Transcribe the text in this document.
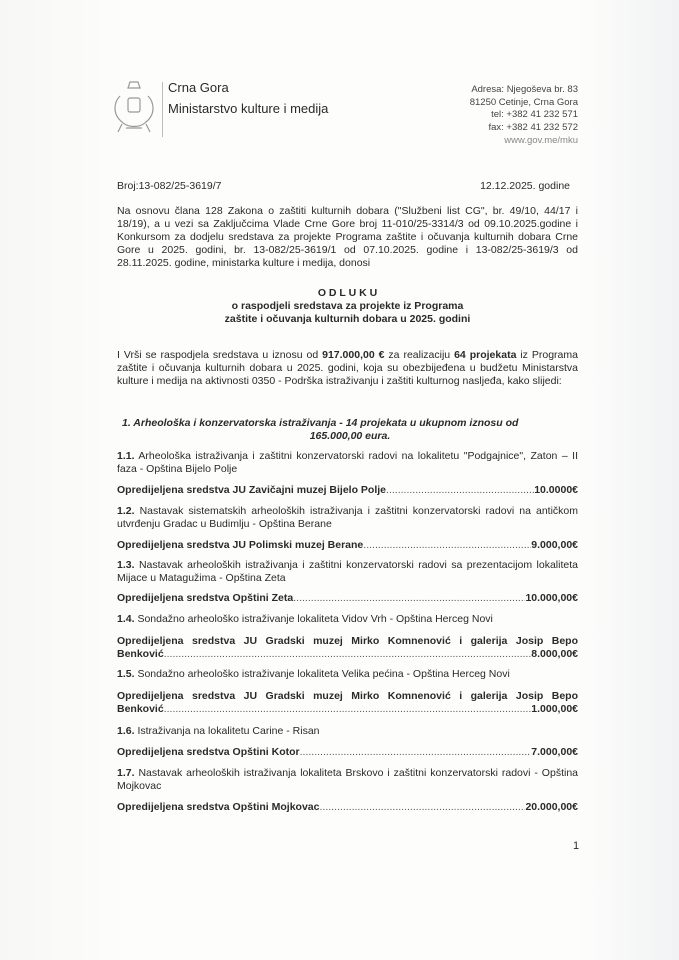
Crna Gora
Ministarstvo kulture i medija
Adresa: Njegoševa br. 83
81250 Cetinje, Crna Gora
tel: +382 41 232 571
fax: +382 41 232 572
www.gov.me/mku
Broj:13-082/25-3619/7	12.12.2025. godine
Na osnovu člana 128 Zakona o zaštiti kulturnih dobara ("Službeni list CG", br. 49/10, 44/17 i 18/19), a u vezi sa Zaključcima Vlade Crne Gore broj 11-010/25-3314/3 od 09.10.2025.godine i Konkursom za dodjelu sredstava za projekte Programa zaštite i očuvanja kulturnih dobara Crne Gore u 2025. godini, br. 13-082/25-3619/1 od 07.10.2025. godine i 13-082/25-3619/3 od 28.11.2025. godine, ministarka kulture i medija, donosi
O D L U K U
o raspodjeli sredstava za projekte iz Programa
zaštite i očuvanja kulturnih dobara u 2025. godini
I Vrši se raspodjela sredstava u iznosu od 917.000,00 € za realizaciju 64 projekata iz Programa zaštite i očuvanja kulturnih dobara u 2025. godini, koja su obezbijeđena u budžetu Ministarstva kulture i medija na aktivnosti 0350 - Podrška istraživanju i zaštiti kulturnog nasljeđa, kako slijedi:
1. Arheološka i konzervatorska istraživanja - 14 projekata u ukupnom iznosu od
165.000,00 eura.
1.1. Arheološka istraživanja i zaštitni konzervatorski radovi na lokalitetu "Podgajnice", Zaton – II faza - Opština Bijelo Polje
Opredijeljena sredstva JU Zavičajni muzej Bijelo Polje .....	10.0000€
1.2. Nastavak sistematskih arheoloških istraživanja i zaštitni konzervatorski radovi na antičkom utvrđenju Gradac u Budimlju - Opština Berane
Opredijeljena sredstva JU Polimski muzej Berane .....	9.000,00€
1.3. Nastavak arheoloških istraživanja i zaštitni konzervatorski radovi sa prezentacijom lokaliteta Mijace u Matagužima - Opština Zeta
Opredijeljena sredstva Opštini Zeta .....	10.000,00€
1.4. Sondažno arheološko istraživanje lokaliteta Vidov Vrh - Opština Herceg Novi
Opredijeljena sredstva JU Gradski muzej Mirko Komnenović i galerija Josip Bepo
Benković .....	8.000,00€
1.5. Sondažno arheološko istraživanje lokaliteta Velika pećina - Opština Herceg Novi
Opredijeljena sredstva JU Gradski muzej Mirko Komnenović i galerija Josip Bepo
Benković .....	1.000,00€
1.6. Istraživanja na lokalitetu Carine - Risan
Opredijeljena sredstva Opštini Kotor .....	7.000,00€
1.7. Nastavak arheoloških istraživanja lokaliteta Brskovo i zaštitni konzervatorski radovi - Opština Mojkovac
Opredijeljena sredstva Opštini Mojkovac .....	20.000,00€
1
